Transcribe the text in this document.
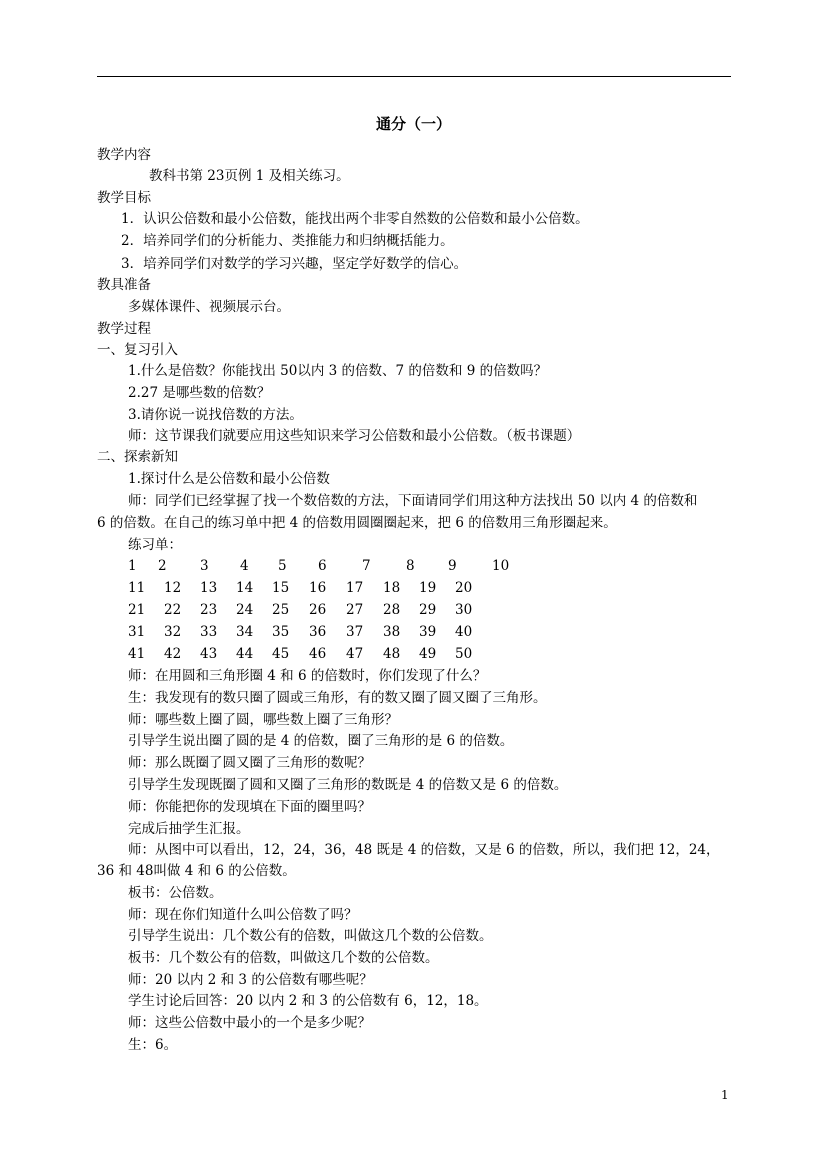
通分（一）
教学内容
教科书第 23页例 1 及相关练习。
教学目标
1．认识公倍数和最小公倍数，能找出两个非零自然数的公倍数和最小公倍数。
2．培养同学们的分析能力、类推能力和归纳概括能力。
3．培养同学们对数学的学习兴趣，坚定学好数学的信心。
教具准备
多媒体课件、视频展示台。
教学过程
一、复习引入
1.什么是倍数？你能找出 50以内 3 的倍数、7 的倍数和 9 的倍数吗？
2.27 是哪些数的倍数？
3.请你说一说找倍数的方法。
师：这节课我们就要应用这些知识来学习公倍数和最小公倍数。（板书课题）
二、探索新知
1.探讨什么是公倍数和最小公倍数
师：同学们已经掌握了找一个数倍数的方法，下面请同学们用这种方法找出 50 以内 4 的倍数和
6 的倍数。在自己的练习单中把 4 的倍数用圆圈圈起来，把 6 的倍数用三角形圈起来。
练习单：
师：在用圆和三角形圈 4 和 6 的倍数时，你们发现了什么？
生：我发现有的数只圈了圆或三角形，有的数又圈了圆又圈了三角形。
师：哪些数上圈了圆，哪些数上圈了三角形？
引导学生说出圈了圆的是 4 的倍数，圈了三角形的是 6 的倍数。
师：那么既圈了圆又圈了三角形的数呢？
引导学生发现既圈了圆和又圈了三角形的数既是 4 的倍数又是 6 的倍数。
师：你能把你的发现填在下面的圈里吗？
完成后抽学生汇报。
师：从图中可以看出，12，24，36，48 既是 4 的倍数，又是 6 的倍数，所以，我们把 12，24，
36 和 48叫做 4 和 6 的公倍数。
板书：公倍数。
师：现在你们知道什么叫公倍数了吗？
引导学生说出：几个数公有的倍数，叫做这几个数的公倍数。
板书：几个数公有的倍数，叫做这几个数的公倍数。
师：20 以内 2 和 3 的公倍数有哪些呢？
学生讨论后回答：20 以内 2 和 3 的公倍数有 6，12，18。
师：这些公倍数中最小的一个是多少呢？
生：6。
1 2 3 4 5 6	7	8 9	10
11 12 13 14 15 16 17 18 19 20
21 22 23 24 25 26 27 28 29 30
31 32 33 34 35 36 37 38 39 40
41 42 43 44 45 46 47 48 49 50
1
